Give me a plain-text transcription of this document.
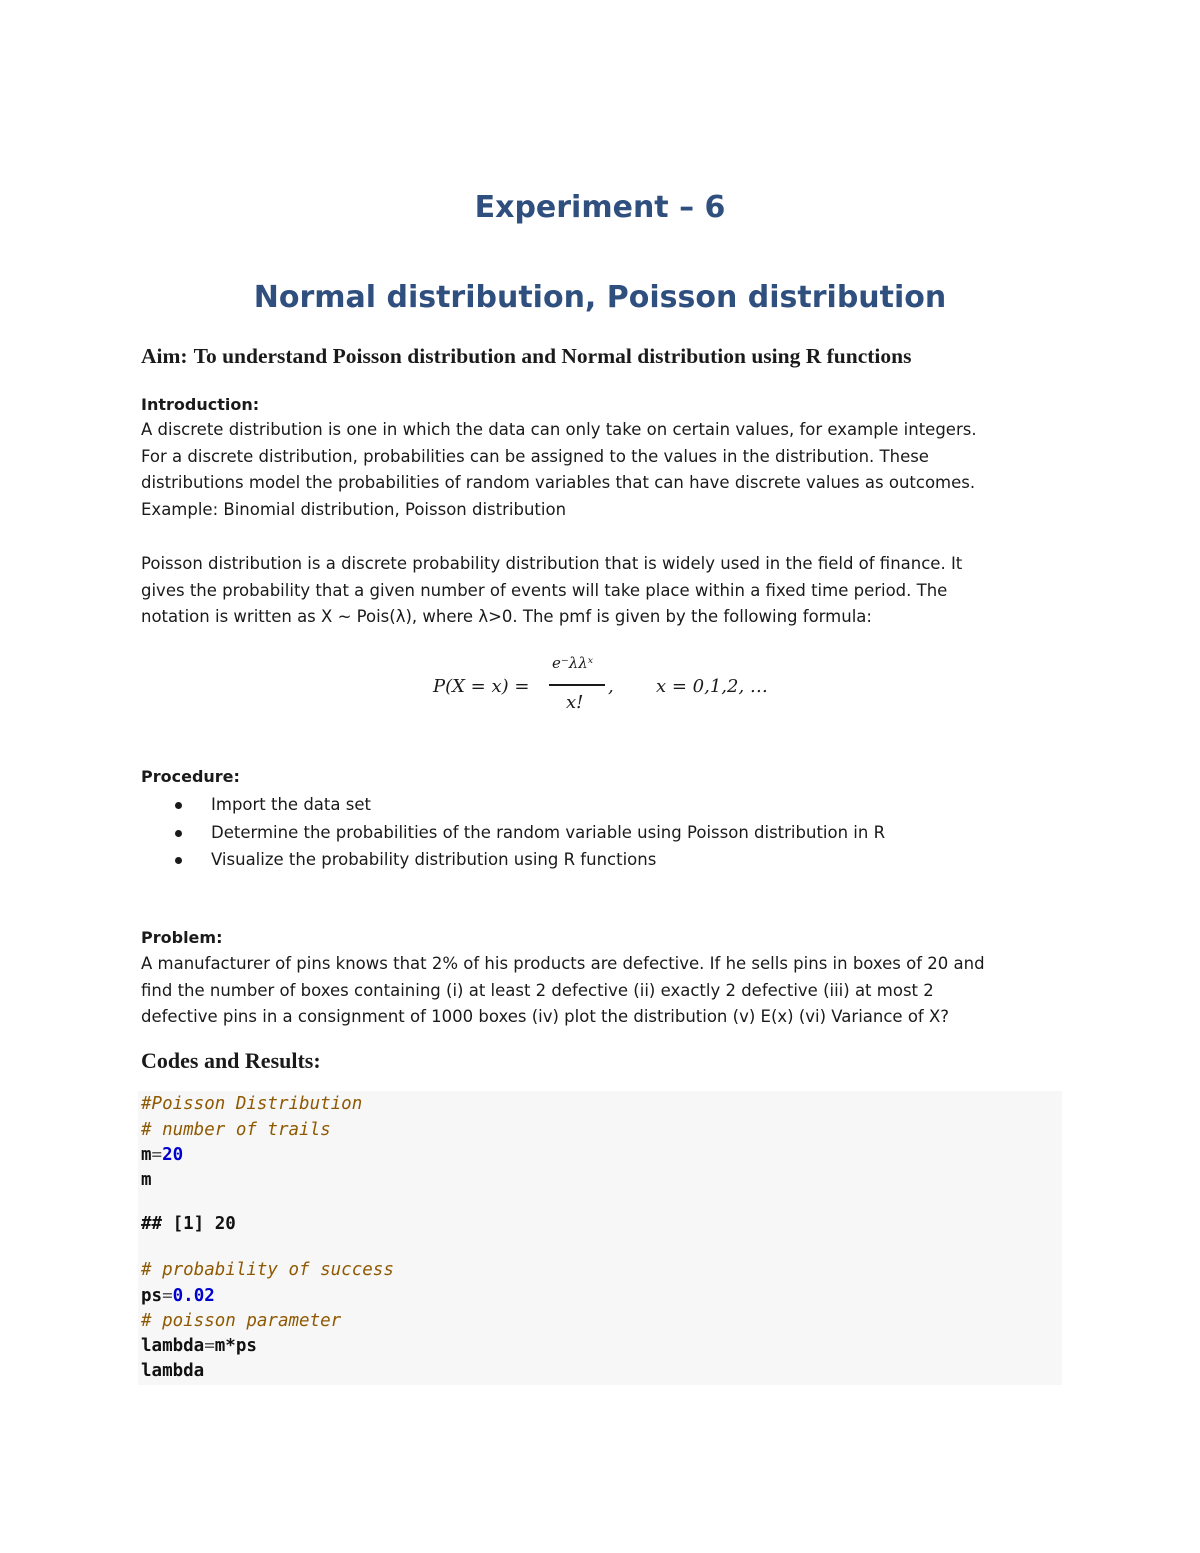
Experiment – 6
Normal distribution, Poisson distribution
Aim: To understand Poisson distribution and Normal distribution using R functions
Introduction:
A discrete distribution is one in which the data can only take on certain values, for example integers.
For a discrete distribution, probabilities can be assigned to the values in the distribution. These
distributions model the probabilities of random variables that can have discrete values as outcomes.
Example: Binomial distribution, Poisson distribution
Poisson distribution is a discrete probability distribution that is widely used in the field of finance. It
gives the probability that a given number of events will take place within a fixed time period. The
notation is written as X ~ Pois(λ), where λ>0. The pmf is given by the following formula:
P(X = x) =
e⁻λλˣ
x!
, x = 0,1,2, …
Procedure:
Import the data set
Determine the probabilities of the random variable using Poisson distribution in R
Visualize the probability distribution using R functions
Problem:
A manufacturer of pins knows that 2% of his products are defective. If he sells pins in boxes of 20 and
find the number of boxes containing (i) at least 2 defective (ii) exactly 2 defective (iii) at most 2
defective pins in a consignment of 1000 boxes (iv) plot the distribution (v) E(x) (vi) Variance of X?
Codes and Results:
#Poisson Distribution
# number of trails
m=20
m
## [1] 20
# probability of success
ps=0.02
# poisson parameter
lambda=m*ps
lambda
